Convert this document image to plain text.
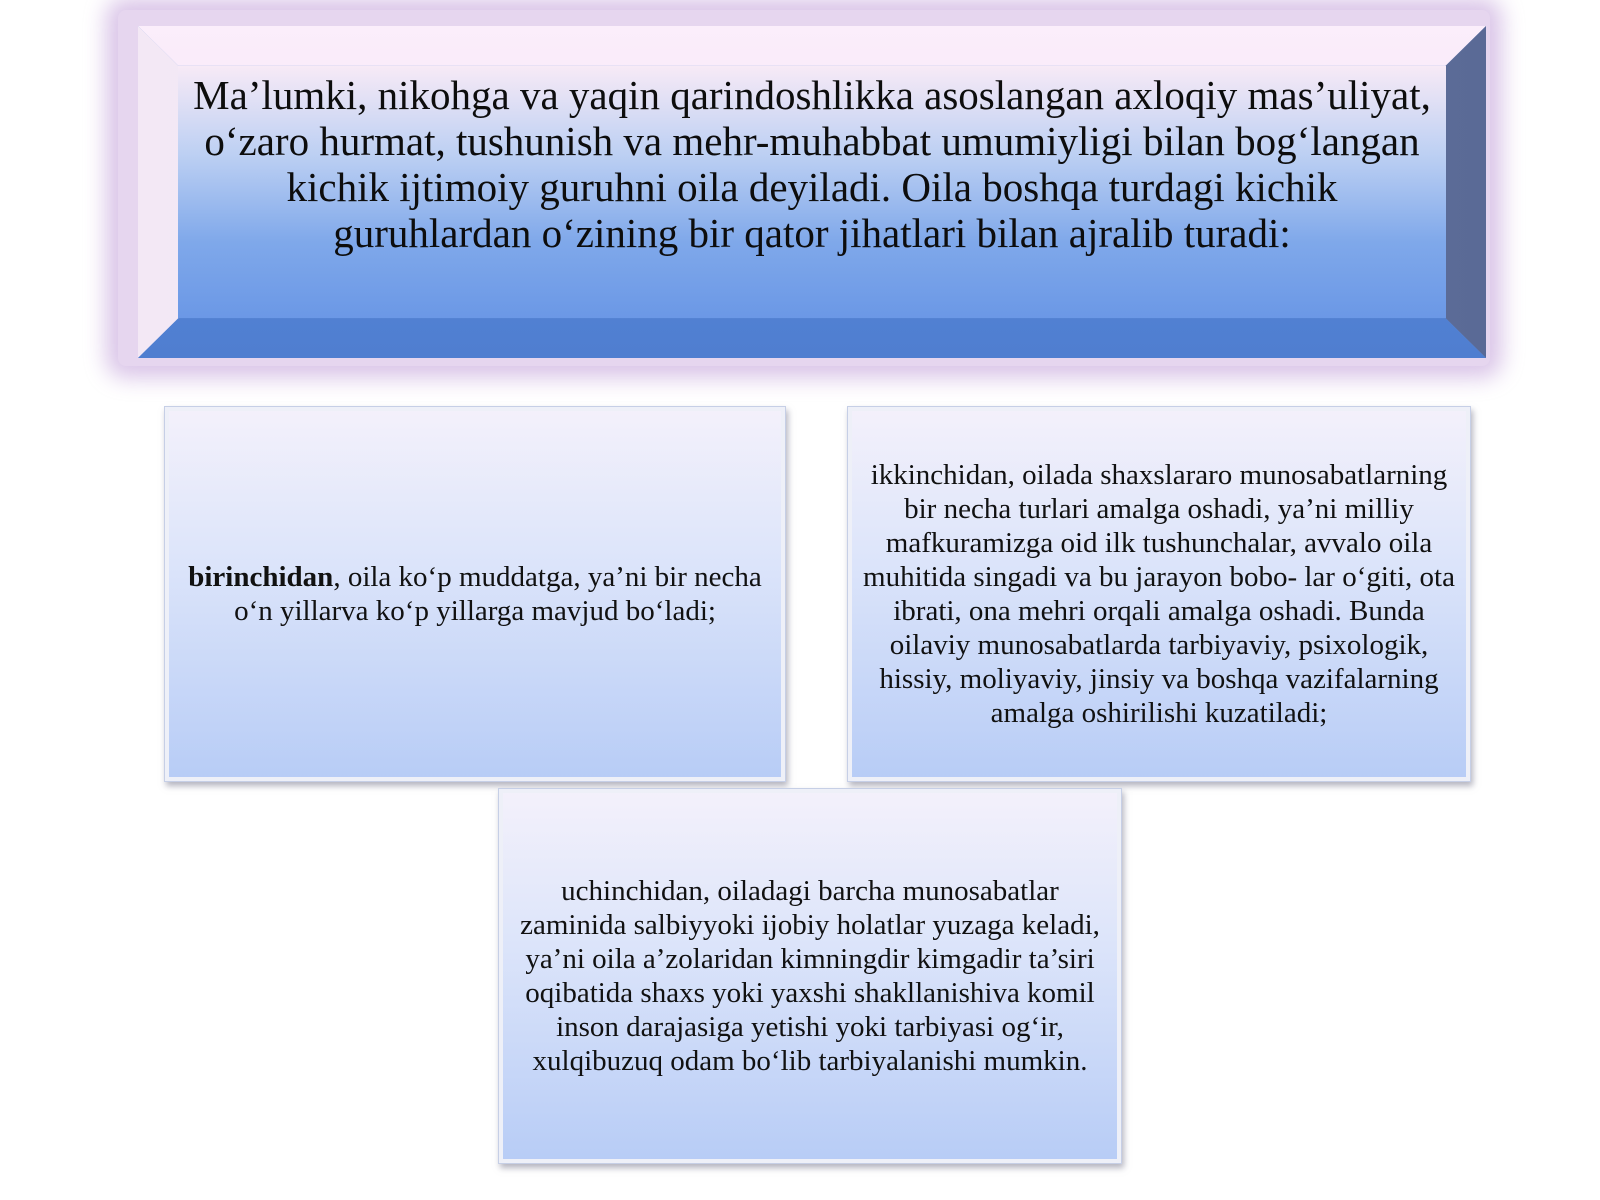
Ma’lumki, nikohga va yaqin qarindoshlikka asoslangan axloqiy mas’uliyat, o‘zaro hurmat, tushunish va mehr-muhabbat umumiyligi bilan bog‘langan kichik ijtimoiy guruhni oila deyiladi. Oila boshqa turdagi kichik guruhlardan o‘zining bir qator jihatlari bilan ajralib turadi:

birinchidan, oila ko‘p muddatga, ya’ni bir necha o‘n yillarva ko‘p yillarga mavjud bo‘ladi;

ikkinchidan, oilada shaxslararo munosabatlarning bir necha turlari amalga oshadi, ya’ni milliy mafkuramizga oid ilk tushunchalar, avvalo oila muhitida singadi va bu jarayon bobo- lar o‘giti, ota ibrati, ona mehri orqali amalga oshadi. Bunda oilaviy munosabatlarda tarbiyaviy, psixologik, hissiy, moliyaviy, jinsiy va boshqa vazifalarning amalga oshirilishi kuzatiladi;

uchinchidan, oiladagi barcha munosabatlar zaminida salbiyyoki ijobiy holatlar yuzaga keladi, ya’ni oila a’zolaridan kimningdir kimgadir ta’siri oqibatida shaxs yoki yaxshi shakllanishiva komil inson darajasiga yetishi yoki tarbiyasi og‘ir, xulqibuzuq odam bo‘lib tarbiyalanishi mumkin.
